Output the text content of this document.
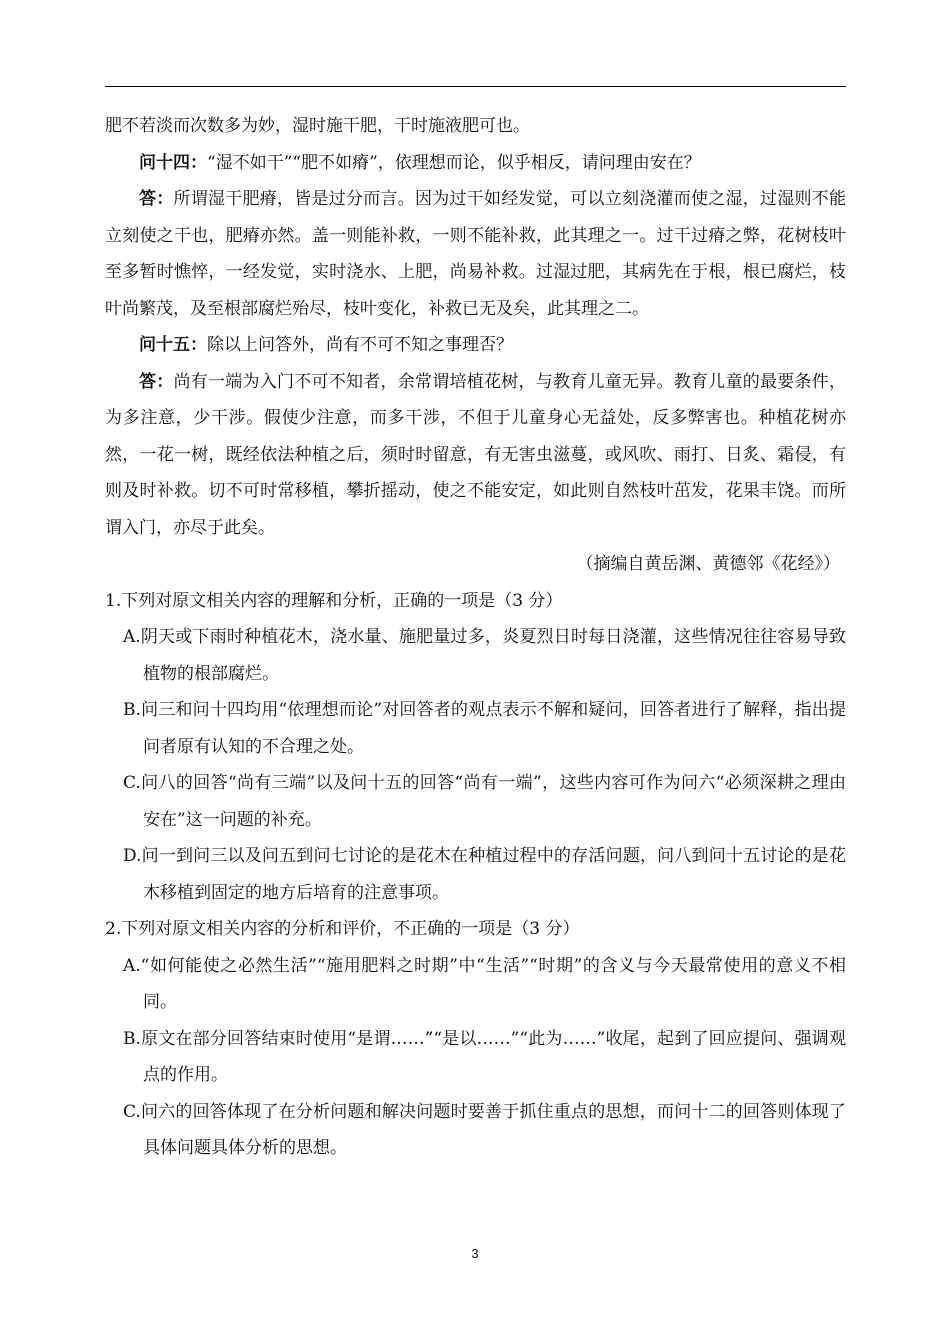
肥不若淡而次数多为妙，湿时施干肥，干时施液肥可也。

问十四：“湿不如干”“肥不如瘠”，依理想而论，似乎相反，请问理由安在？

答：所谓湿干肥瘠，皆是过分而言。因为过干如经发觉，可以立刻浇灌而使之湿，过湿则不能立刻使之干也，肥瘠亦然。盖一则能补救，一则不能补救，此其理之一。过干过瘠之弊，花树枝叶至多暂时憔悴，一经发觉，实时浇水、上肥，尚易补救。过湿过肥，其病先在于根，根已腐烂，枝叶尚繁茂，及至根部腐烂殆尽，枝叶变化，补救已无及矣，此其理之二。

问十五：除以上问答外，尚有不可不知之事理否？

答：尚有一端为入门不可不知者，余常谓培植花树，与教育儿童无异。教育儿童的最要条件，为多注意，少干涉。假使少注意，而多干涉，不但于儿童身心无益处，反多弊害也。种植花树亦然，一花一树，既经依法种植之后，须时时留意，有无害虫滋蔓，或风吹、雨打、日炙、霜侵，有则及时补救。切不可时常移植，攀折摇动，使之不能安定，如此则自然枝叶茁发，花果丰饶。而所谓入门，亦尽于此矣。

（摘编自黄岳渊、黄德邻《花经》）

1.下列对原文相关内容的理解和分析，正确的一项是（3 分）

A.阴天或下雨时种植花木，浇水量、施肥量过多，炎夏烈日时每日浇灌，这些情况往往容易导致植物的根部腐烂。

B.问三和问十四均用“依理想而论”对回答者的观点表示不解和疑问，回答者进行了解释，指出提问者原有认知的不合理之处。

C.问八的回答“尚有三端”以及问十五的回答“尚有一端”，这些内容可作为问六“必须深耕之理由安在”这一问题的补充。

D.问一到问三以及问五到问七讨论的是花木在种植过程中的存活问题，问八到问十五讨论的是花木移植到固定的地方后培育的注意事项。

2.下列对原文相关内容的分析和评价，不正确的一项是（3 分）

A.“如何能使之必然生活”“施用肥料之时期”中“生活”“时期”的含义与今天最常使用的意义不相同。

B.原文在部分回答结束时使用“是谓……”“是以……”“此为……”收尾，起到了回应提问、强调观点的作用。

C.问六的回答体现了在分析问题和解决问题时要善于抓住重点的思想，而问十二的回答则体现了具体问题具体分析的思想。

3
